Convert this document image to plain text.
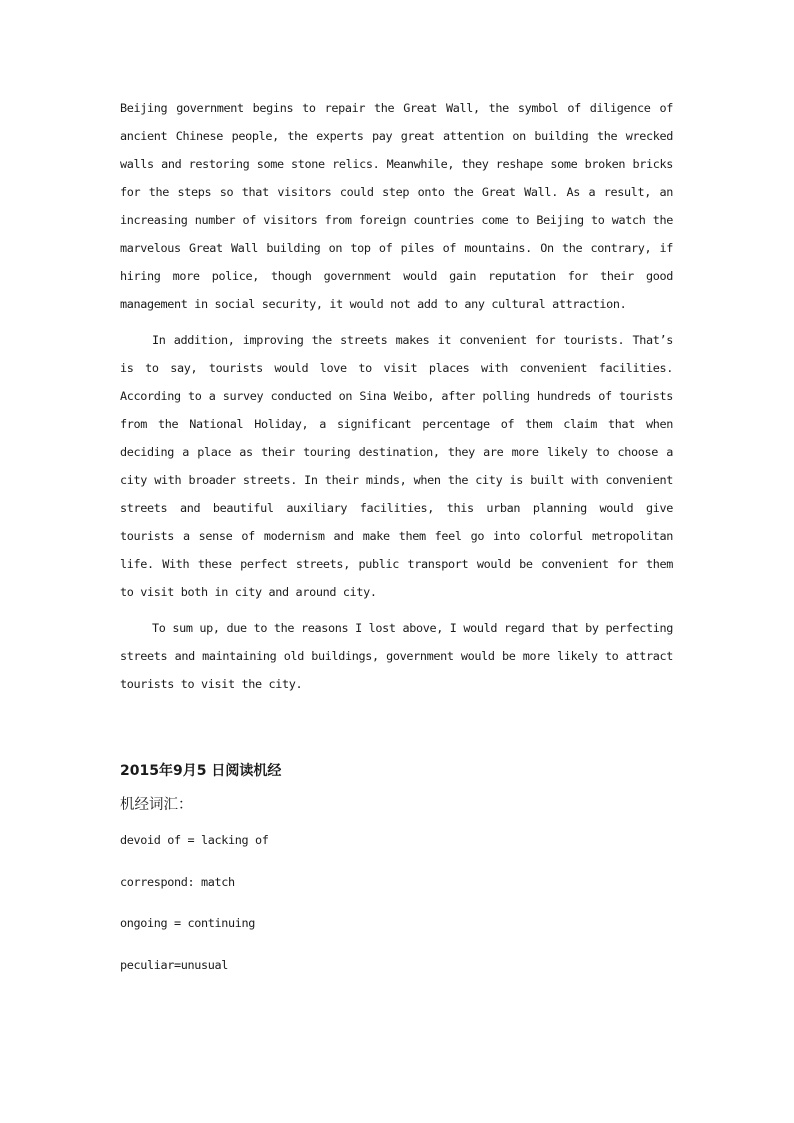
Beijing government begins to repair the Great Wall, the symbol of diligence of ancient Chinese people, the experts pay great attention on building the wrecked walls and restoring some stone relics. Meanwhile, they reshape some broken bricks for the steps so that visitors could step onto the Great Wall. As a result, an increasing number of visitors from foreign countries come to Beijing to watch the marvelous Great Wall building on top of piles of mountains. On the contrary, if hiring more police, though government would gain reputation for their good management in social security, it would not add to any cultural attraction.

In addition, improving the streets makes it convenient for tourists. That’s is to say, tourists would love to visit places with convenient facilities. According to a survey conducted on Sina Weibo, after polling hundreds of tourists from the National Holiday, a significant percentage of them claim that when deciding a place as their touring destination, they are more likely to choose a city with broader streets. In their minds, when the city is built with convenient streets and beautiful auxiliary facilities, this urban planning would give tourists a sense of modernism and make them feel go into colorful metropolitan life. With these perfect streets, public transport would be convenient for them to visit both in city and around city.

To sum up, due to the reasons I lost above, I would regard that by perfecting streets and maintaining old buildings, government would be more likely to attract tourists to visit the city.

2015年9月5 日阅读机经
机经词汇：
devoid of = lacking of
correspond: match
ongoing = continuing
peculiar=unusual
